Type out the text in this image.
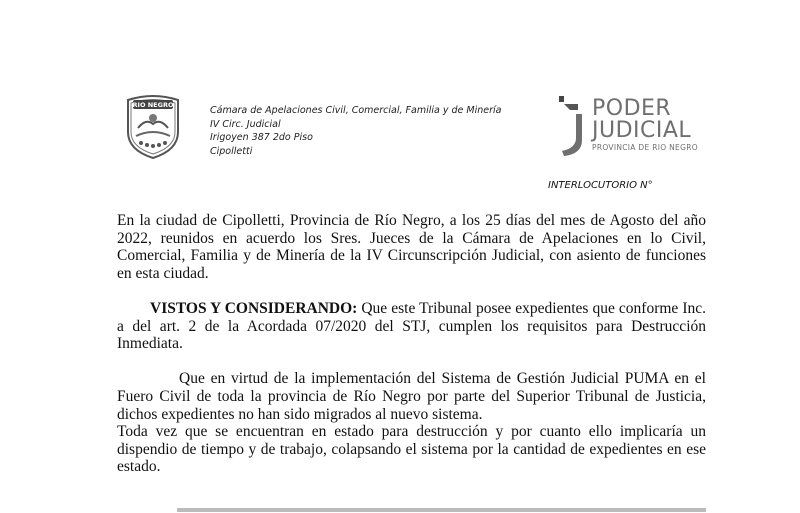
RIO NEGRO	Cámara de Apelaciones Civil, Comercial, Familia y de Minería
IV Circ. Judicial
Irigoyen 387 2do Piso
Cipolletti
PODER
JUDICIAL
PROVINCIA DE RIO NEGRO
INTERLOCUTORIO N°

En la ciudad de Cipolletti, Provincia de Río Negro, a los 25 días del mes de Agosto del año 2022, reunidos en acuerdo los Sres. Jueces de la Cámara de Apelaciones en lo Civil, Comercial, Familia y de Minería de la IV Circunscripción Judicial, con asiento de funciones en esta ciudad.

VISTOS Y CONSIDERANDO: Que este Tribunal posee expedientes que conforme Inc. a del art. 2 de la Acordada 07/2020 del STJ, cumplen los requisitos para Destrucción Inmediata.

Que en virtud de la implementación del Sistema de Gestión Judicial PUMA en el Fuero Civil de toda la provincia de Río Negro por parte del Superior Tribunal de Justicia, dichos expedientes no han sido migrados al nuevo sistema.

Toda vez que se encuentran en estado para destrucción y por cuanto ello implicaría un dispendio de tiempo y de trabajo, colapsando el sistema por la cantidad de expedientes en ese estado.
